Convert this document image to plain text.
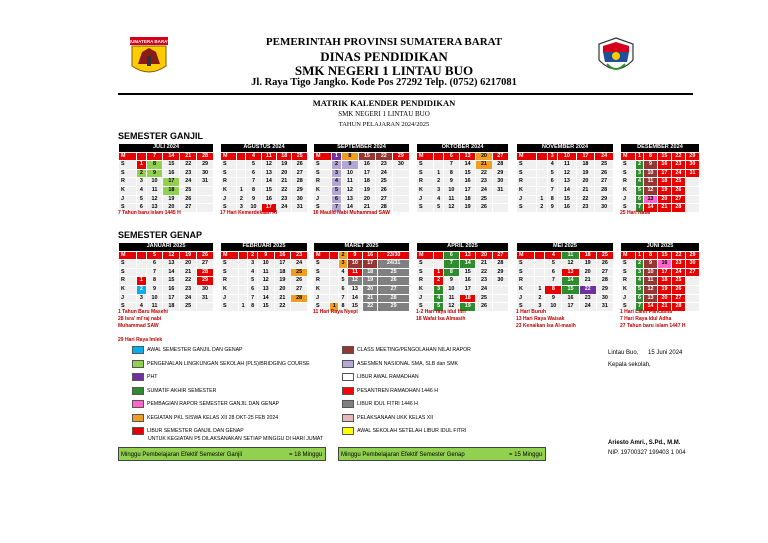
SUMATERA BARAT	PEMERINTAH PROVINSI SUMATERA BARAT
DINAS PENDIDIKAN
SMK NEGERI 1 LINTAU BUO
Jl. Raya Tigo Jangko. Kode Pos 27292 Telp. (0752) 6217081
MATRIK KALENDER PENDIDIKAN
SMK NEGERI 1 LINTAU BUO
TAHUN PELAJARAN 2024/2025
SEMESTER GANJIL
SEMESTER GENAP
JULI 2024					
M		7	14	21	28
S	1	8	15	22	29
S	2	9	16	23	30
R	3	10	17	24	31
K	4	11	18	25	
J	5	12	19	26	
S	6	13	20	27	
7 Tahun baru islam 1445 H
AGUSTUS 2024					
M		4	11	18	25
S		5	12	19	26
S		6	13	20	27
R		7	14	21	28
K	1	8	15	22	29
J	2	9	16	23	30
S	3	10	17	24	31
17 Hari Kemerdekaan RI
SEPTEMBER 2024					
M	1	8	15	22	29
S	2	9	16	23	30
S	3	10	17	24	
R	4	11	18	25	
K	5	12	19	26	
J	6	13	20	27	
S	7	14	21	28	
16 Maulid Nabi Muhammad SAW
OKTOBER 2024					
M		6	13	20	27
S		7	14	21	28
S	1	8	15	22	29
R	2	9	16	23	30
K	3	10	17	24	31
J	4	11	18	25	
S	5	12	19	26	
NOVEMBER 2024					
M		3	10	17	24
S		4	11	18	25
S		5	12	19	26
R		6	13	20	27
K		7	14	21	28
J	1	8	15	22	29
S	2	9	16	23	30
DESEMBER 2024					
M	1	8	15	22	29
S	2	9	16	23	30
S	3	10	17	24	31
R	4	11	18	25	
K	5	12	19	26	
J	6	13	20	27	
S	7	14	21	28	
25 Hari Natal
JANUARI 2025					
M		5	12	19	26
S		6	13	20	27
S		7	14	21	28
R	1	8	15	22	29
K	2	9	16	23	30
J	3	10	17	24	31
S	4	11	18	25	
1 Tahun Baru Masehi
28 Isra' mi'raj nabi
Muhammad SAW
29 Hari Raya Imlek
FEBRUARI 2025					
M		2	9	16	23
S		3	10	17	24
S		4	11	18	25
R		5	12	19	26
K		6	13	20	27
J		7	14	21	28
S	1	8	15	22	
MARET 2025					
M		2	9	16	23/30
S		3	10	17	24/31
S		4	11	18	25
R		5	12	19	26
K		6	13	20	27
J		7	14	21	28
S	1	8	15	22	29
11 Hari Raya Nyepi
APRIL 2025					
M		6	13	20	27
S		7	14	21	28
S	1	8	15	22	29
R	2	9	16	23	30
K	3	10	17	24	
J	4	11	18	25	
S	5	12	19	26	
1-2 Hari raya idul fitri
18 Wafat Isa Almasih
MEI 2025					
M		4	11	18	25
S		5	12	19	26
S		6	13	20	27
R		7	14	21	28
K	1	8	15	22	29
J	2	9	16	23	30
S	3	10	17	24	31
1 Hari Buruh
13 Hari Raya Waisak
23 Kenaikan Isa Al-masih
JUNI 2025					
M	1	8	15	22	29
S	2	9	16	23	30
S	3	10	17	24	27
R	4	11	18	25	
K	5	12	19	26	
J	6	13	20	27	
S	7	14	21	28	
1 Hari Lahir Pancasila
7 Hari Raya Idul Adha
27 Tahun baru islam 1447 H
AWAL SEMESTER GANJIL DAN GENAP
PENGENALAN LINGKUNGAN SEKOLAH (PLS)/BRIDGING COURSE
PHT
SUMATIF AKHIR SEMESTER
PEMBAGIAN RAPOR SEMESTER GANJIL DAN GENAP
KEGIATAN PKL SISWA KELAS XII 28 OKT-25 FEB 2024
LIBUR SEMESTER GANJIL DAN GENAP
CLASS MEETING/PENGOLAHAN NILAI RAPOR
ASESMEN NASIONAL SMA, SLB dan SMK
LIBUR AWAL RAMADHAN
PESANTREN RAMADHAN 1446 H
LIBUR IDUL FITRI 1446 H
PELAKSANAAN UKK KELAS XII
AWAL SEKOLAH SETELAH LIBUR IDUL FITRI
UNTUK KEGIATAN P5 DILAKSANAKAN SETIAP MINGGU DI HARI JUMAT
Minggu Pembelajaran Efektif Semester Ganjil	= 18 Minggu	Minggu Pembelajaran Efektif Semester Genap	= 15 Minggu
Lintau Buo, 15 Juni 2024
Kepala sekolah,
Ariesto Amri., S.Pd., M.M.
NIP. 19700327 199403 1 004
